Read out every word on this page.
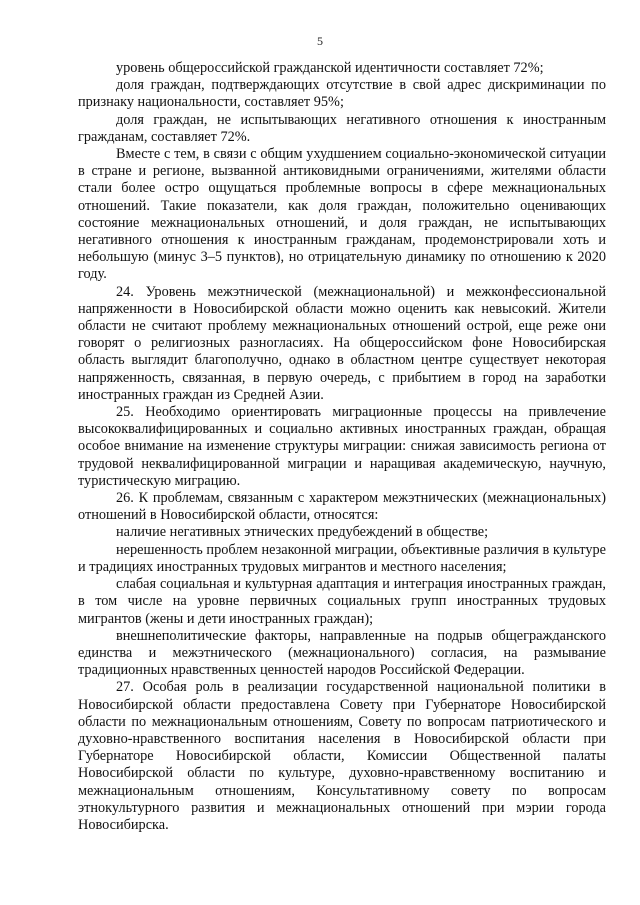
5

уровень общероссийской гражданской идентичности составляет 72%;

доля граждан, подтверждающих отсутствие в свой адрес дискриминации по признаку национальности, составляет 95%;

доля граждан, не испытывающих негативного отношения к иностранным гражданам, составляет 72%.

Вместе с тем, в связи с общим ухудшением социально-экономической ситуации в стране и регионе, вызванной антиковидными ограничениями, жителями области стали более остро ощущаться проблемные вопросы в сфере межнациональных отношений. Такие показатели, как доля граждан, положительно оценивающих состояние межнациональных отношений, и доля граждан, не испытывающих негативного отношения к иностранным гражданам, продемонстрировали хоть и небольшую (минус 3–5 пунктов), но отрицательную динамику по отношению к 2020 году.

24. Уровень межэтнической (межнациональной) и межконфессиональной напряженности в Новосибирской области можно оценить как невысокий. Жители области не считают проблему межнациональных отношений острой, еще реже они говорят о религиозных разногласиях. На общероссийском фоне Новосибирская область выглядит благополучно, однако в областном центре существует некоторая напряженность, связанная, в первую очередь, с прибытием в город на заработки иностранных граждан из Средней Азии.

25. Необходимо ориентировать миграционные процессы на привлечение высококвалифицированных и социально активных иностранных граждан, обращая особое внимание на изменение структуры миграции: снижая зависимость региона от трудовой неквалифицированной миграции и наращивая академическую, научную, туристическую миграцию.

26. К проблемам, связанным с характером межэтнических (межнациональных) отношений в Новосибирской области, относятся:

наличие негативных этнических предубеждений в обществе;

нерешенность проблем незаконной миграции, объективные различия в культуре и традициях иностранных трудовых мигрантов и местного населения;

слабая социальная и культурная адаптация и интеграция иностранных граждан, в том числе на уровне первичных социальных групп иностранных трудовых мигрантов (жены и дети иностранных граждан);

внешнеполитические факторы, направленные на подрыв общегражданского единства и межэтнического (межнационального) согласия, на размывание традиционных нравственных ценностей народов Российской Федерации.

27. Особая роль в реализации государственной национальной политики в Новосибирской области предоставлена Совету при Губернаторе Новосибирской области по межнациональным отношениям, Совету по вопросам патриотического и духовно-нравственного воспитания населения в Новосибирской области при Губернаторе Новосибирской области, Комиссии Общественной палаты Новосибирской области по культуре, духовно-нравственному воспитанию и межнациональным отношениям, Консультативному совету по вопросам этнокультурного развития и межнациональных отношений при мэрии города Новосибирска.
